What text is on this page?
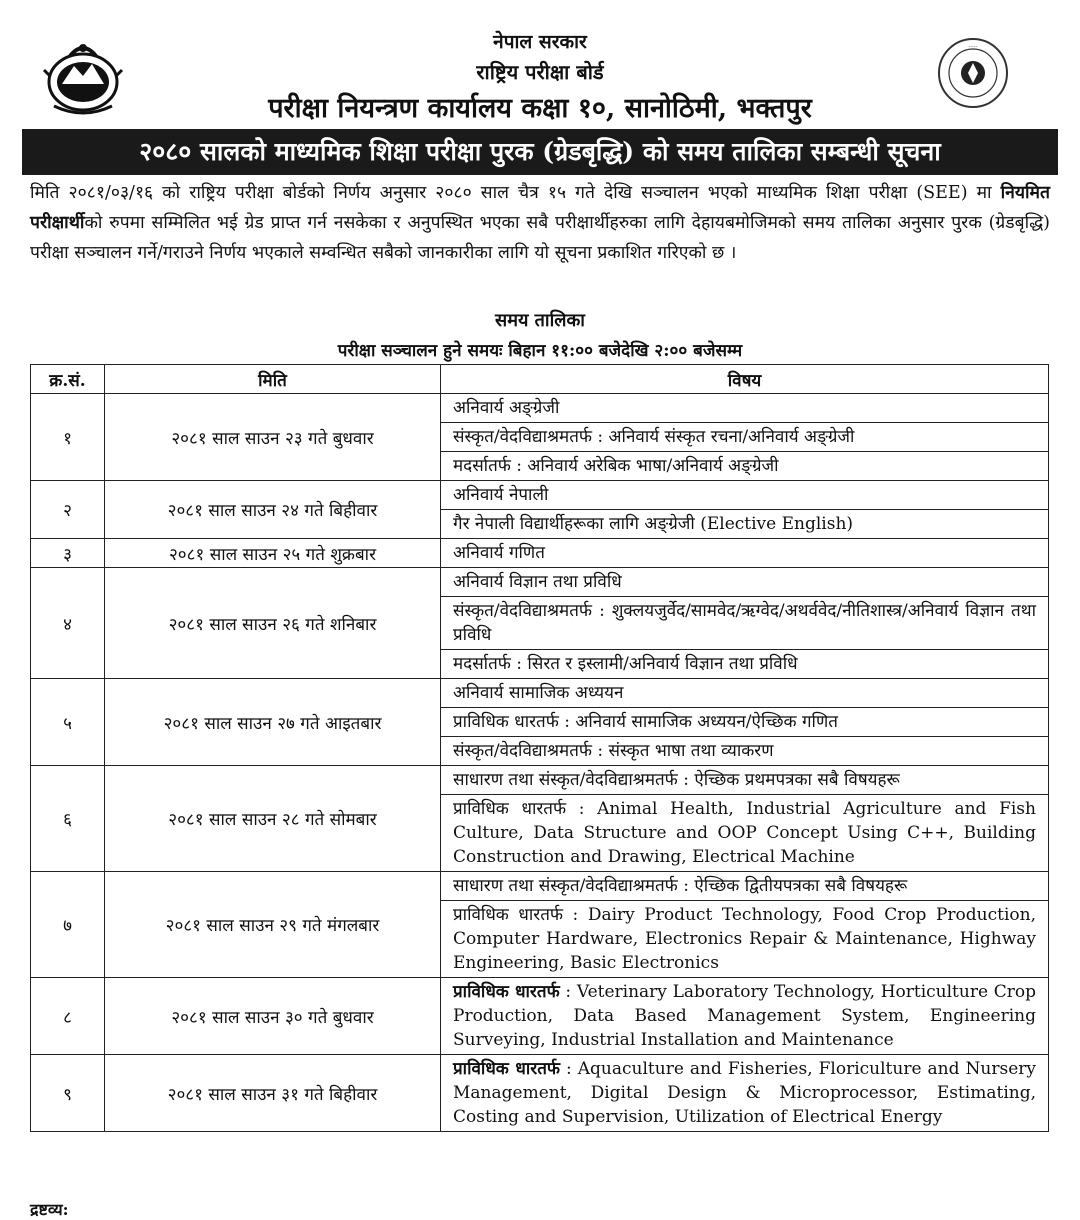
नेपाल सरकार
राष्ट्रिय परीक्षा बोर्ड
परीक्षा नियन्त्रण कार्यालय कक्षा १०, सानोठिमी, भक्तपुर
·····
२०८० सालको माध्यमिक शिक्षा परीक्षा पुरक (ग्रेडबृद्धि) को समय तालिका सम्बन्धी सूचना
मिति २०८१/०३/१६ को राष्ट्रिय परीक्षा बोर्डको निर्णय अनुसार २०८० साल चैत्र १५ गते देखि सञ्चालन भएको माध्यमिक शिक्षा परीक्षा (SEE) मा नियमित परीक्षार्थीको रुपमा सम्मिलित भई ग्रेड प्राप्त गर्न नसकेका र अनुपस्थित भएका सबै परीक्षार्थीहरुका लागि देहायबमोजिमको समय तालिका अनुसार पुरक (ग्रेडबृद्धि) परीक्षा सञ्चालन गर्ने/गराउने निर्णय भएकाले सम्वन्धित सबैको जानकारीका लागि यो सूचना प्रकाशित गरिएको छ ।
समय तालिका
परीक्षा सञ्चालन हुने समयः बिहान ११:०० बजेदेखि २:०० बजेसम्म
क्र.सं.	मिति	विषय
१	२०८१ साल साउन २३ गते बुधवार	अनिवार्य अङ्ग्रेजी
संस्कृत/वेदविद्याश्रमतर्फ : अनिवार्य संस्कृत रचना/अनिवार्य अङ्ग्रेजी
मदर्सातर्फ : अनिवार्य अरेबिक भाषा/अनिवार्य अङ्ग्रेजी

२	२०८१ साल साउन २४ गते बिहीवार	अनिवार्य नेपाली
गैर नेपाली विद्यार्थीहरूका लागि अङ्ग्रेजी (Elective English)

३	२०८१ साल साउन २५ गते शुक्रबार	अनिवार्य गणित

४	२०८१ साल साउन २६ गते शनिबार	अनिवार्य विज्ञान तथा प्रविधि
संस्कृत/वेदविद्याश्रमतर्फ : शुक्लयजुर्वेद/सामवेद/ऋग्वेद/अथर्ववेद/नीतिशास्त्र/अनिवार्य विज्ञान तथा प्रविधि
मदर्सातर्फ : सिरत र इस्लामी/अनिवार्य विज्ञान तथा प्रविधि

५	२०८१ साल साउन २७ गते आइतबार	अनिवार्य सामाजिक अध्ययन
प्राविधिक धारतर्फ : अनिवार्य सामाजिक अध्ययन/ऐच्छिक गणित
संस्कृत/वेदविद्याश्रमतर्फ : संस्कृत भाषा तथा व्याकरण

६	२०८१ साल साउन २८ गते सोमबार	साधारण तथा संस्कृत/वेदविद्याश्रमतर्फ : ऐच्छिक प्रथमपत्रका सबै विषयहरू
प्राविधिक धारतर्फ : Animal Health, Industrial Agriculture and Fish Culture, Data Structure and OOP Concept Using C++, Building Construction and Drawing, Electrical Machine

७	२०८१ साल साउन २९ गते मंगलबार	साधारण तथा संस्कृत/वेदविद्याश्रमतर्फ : ऐच्छिक द्वितीयपत्रका सबै विषयहरू
प्राविधिक धारतर्फ : Dairy Product Technology, Food Crop Production, Computer Hardware, Electronics Repair & Maintenance, Highway Engineering, Basic Electronics

८	२०८१ साल साउन ३० गते बुधवार	प्राविधिक धारतर्फ : Veterinary Laboratory Technology, Horticulture Crop Production, Data Based Management System, Engineering Surveying, Industrial Installation and Maintenance

९	२०८१ साल साउन ३१ गते बिहीवार	प्राविधिक धारतर्फ : Aquaculture and Fisheries, Floriculture and Nursery Management, Digital Design & Microprocessor, Estimating, Costing and Supervision, Utilization of Electrical Energy
द्रष्टव्य:
